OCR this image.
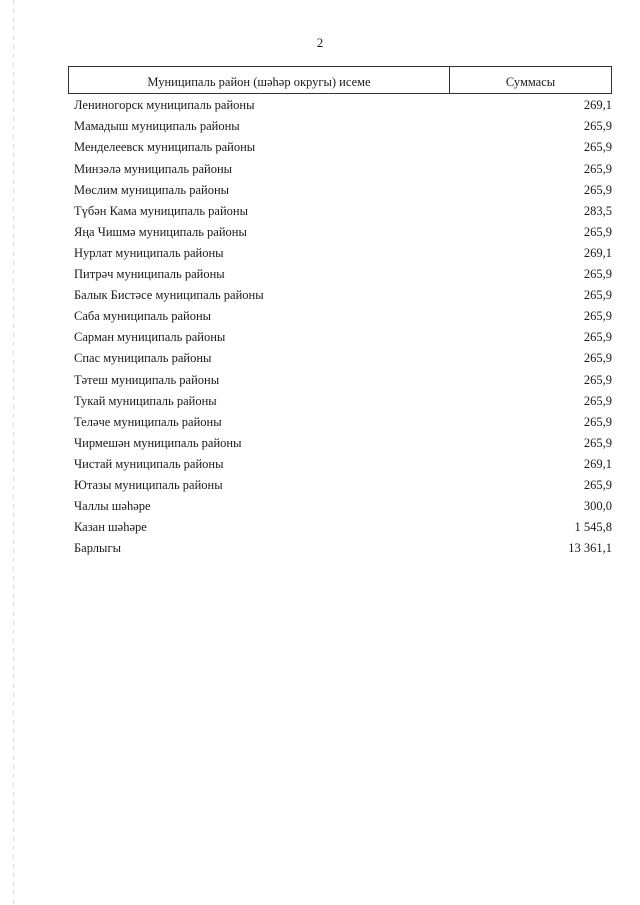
2
Муниципаль район (шәһәр округы) исеме	Суммасы
Лениногорск муниципаль районы	269,1
Мамадыш муниципаль районы	265,9
Менделеевск муниципаль районы	265,9
Минзәлә муниципаль районы	265,9
Мөслим муниципаль районы	265,9
Түбән Кама муниципаль районы	283,5
Яңа Чишмә муниципаль районы	265,9
Нурлат муниципаль районы	269,1
Питрәч муниципаль районы	265,9
Балык Бистәсе муниципаль районы	265,9
Саба муниципаль районы	265,9
Сарман муниципаль районы	265,9
Спас муниципаль районы	265,9
Тәтеш муниципаль районы	265,9
Тукай муниципаль районы	265,9
Теләче муниципаль районы	265,9
Чирмешән муниципаль районы	265,9
Чистай муниципаль районы	269,1
Ютазы муниципаль районы	265,9
Чаллы шәһәре	300,0
Казан шәһәре	1 545,8
Барлыгы	13 361,1
